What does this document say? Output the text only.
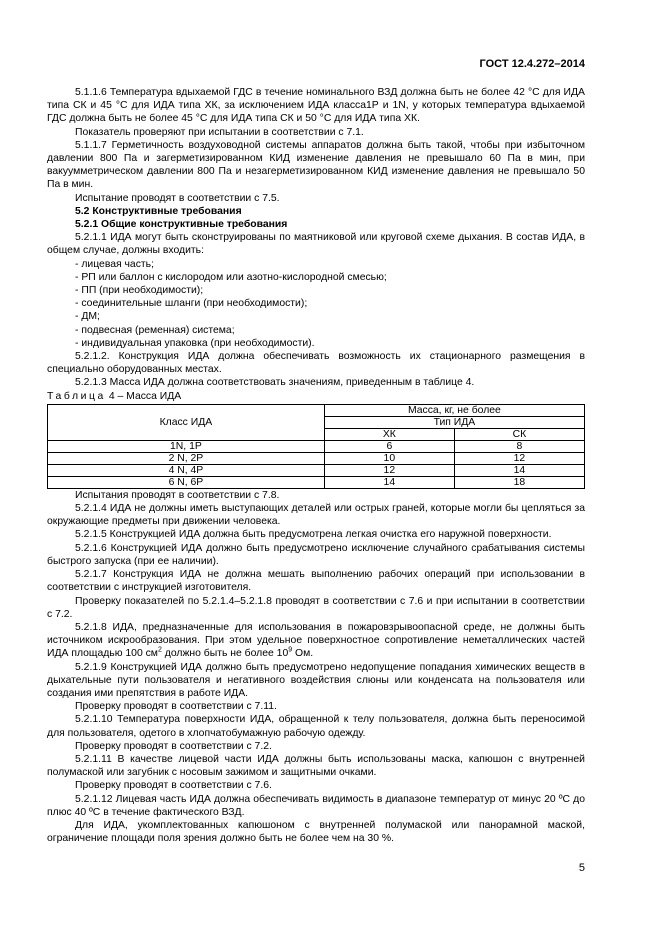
ГОСТ 12.4.272–2014

5.1.1.6 Температура вдыхаемой ГДС в течение номинального ВЗД должна быть не более 42 °С для ИДА типа СК и 45 °С для ИДА типа ХК, за исключением ИДА класса1Р и 1N, у которых температура вдыхаемой ГДС должна быть не более 45 °С для ИДА типа СК и 50 °С для ИДА типа ХК.

Показатель проверяют при испытании в соответствии с 7.1.

5.1.1.7 Герметичность воздуховодной системы аппаратов должна быть такой, чтобы при избыточном давлении 800 Па и загерметизированном КИД изменение давления не превышало 60 Па в мин, при вакуумметрическом давлении 800 Па и незагерметизированном КИД изменение давления не превышало 50 Па в мин.

Испытание проводят в соответствии с 7.5.

5.2 Конструктивные требования

5.2.1 Общие конструктивные требования

5.2.1.1 ИДА могут быть сконструированы по маятниковой или круговой схеме дыхания. В состав ИДА, в общем случае, должны входить:

- лицевая часть;

- РП или баллон с кислородом или азотно-кислородной смесью;

- ПП (при необходимости);

- соединительные шланги (при необходимости);

- ДМ;

- подвесная (ременная) система;

- индивидуальная упаковка (при необходимости).

5.2.1.2. Конструкция ИДА должна обеспечивать возможность их стационарного размещения в специально оборудованных местах.

5.2.1.3 Масса ИДА должна соответствовать значениям, приведенным в таблице 4.

Таблица 4 – Масса ИДА

Класс ИДА	Масса, кг, не более	
	Тип ИДА	
	ХК	СК
1N, 1P	6	8
2 N, 2P	10	12
4 N, 4P	12	14
6 N, 6P	14	18

Испытания проводят в соответствии с 7.8.

5.2.1.4 ИДА не должны иметь выступающих деталей или острых граней, которые могли бы цепляться за окружающие предметы при движении человека.

5.2.1.5 Конструкцией ИДА должна быть предусмотрена легкая очистка его наружной поверхности.

5.2.1.6 Конструкцией ИДА должно быть предусмотрено исключение случайного срабатывания системы быстрого запуска (при ее наличии).

5.2.1.7 Конструкция ИДА не должна мешать выполнению рабочих операций при использовании в соответствии с инструкцией изготовителя.

Проверку показателей по 5.2.1.4–5.2.1.8 проводят в соответствии с 7.6 и при испытании в соответствии с 7.2.

5.2.1.8 ИДА, предназначенные для использования в пожаровзрывоопасной среде, не должны быть источником искрообразования. При этом удельное поверхностное сопротивление неметаллических частей ИДА площадью 100 $см^2$ должно быть не более $10^9$ Ом.

5.2.1.9 Конструкцией ИДА должно быть предусмотрено недопущение попадания химических веществ в дыхательные пути пользователя и негативного воздействия слюны или конденсата на пользователя или создания ими препятствия в работе ИДА.

Проверку проводят в соответствии с 7.11.

5.2.1.10 Температура поверхности ИДА, обращенной к телу пользователя, должна быть переносимой для пользователя, одетого в хлопчатобумажную рабочую одежду.

Проверку проводят в соответствии с 7.2.

5.2.1.11 В качестве лицевой части ИДА должны быть использованы маска, капюшон с внутренней полумаской или загубник с носовым зажимом и защитными очками.

Проверку проводят в соответствии с 7.6.

5.2.1.12 Лицевая часть ИДА должна обеспечивать видимость в диапазоне температур от минус 20 ºС до плюс 40 ºС в течение фактического ВЗД.

Для ИДА, укомплектованных капюшоном с внутренней полумаской или панорамной маской, ограничение площади поля зрения должно быть не более чем на 30 %.

5
